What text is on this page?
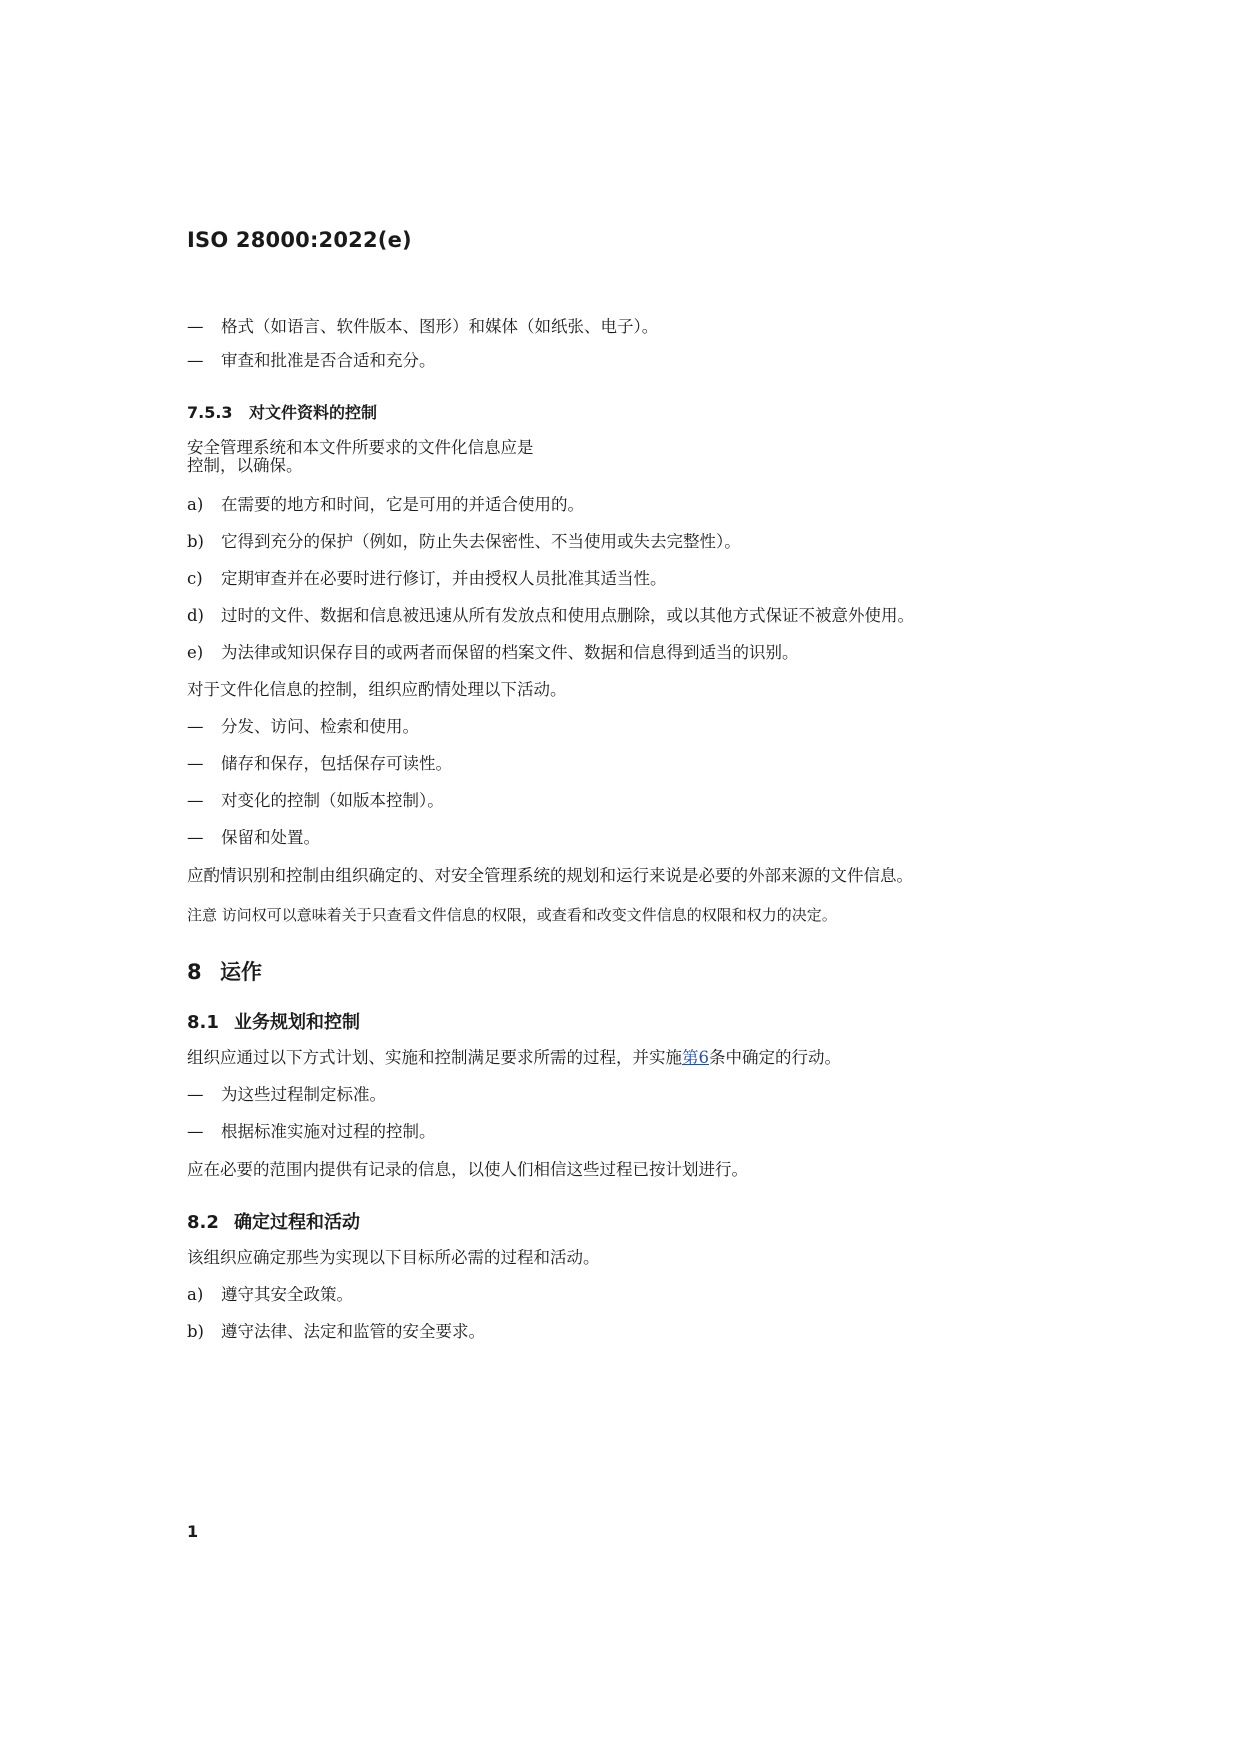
ISO 28000:2022(e)
— 格式（如语言、软件版本、图形）和媒体（如纸张、电子）。
— 审查和批准是否合适和充分。
7.5.3 对文件资料的控制
安全管理系统和本文件所要求的文件化信息应是
控制，以确保。
a) 在需要的地方和时间，它是可用的并适合使用的。
b) 它得到充分的保护（例如，防止失去保密性、不当使用或失去完整性）。
c) 定期审查并在必要时进行修订，并由授权人员批准其适当性。
d) 过时的文件、数据和信息被迅速从所有发放点和使用点删除，或以其他方式保证不被意外使用。
e) 为法律或知识保存目的或两者而保留的档案文件、数据和信息得到适当的识别。
对于文件化信息的控制，组织应酌情处理以下活动。
— 分发、访问、检索和使用。
— 储存和保存，包括保存可读性。
— 对变化的控制（如版本控制）。
— 保留和处置。
应酌情识别和控制由组织确定的、对安全管理系统的规划和运行来说是必要的外部来源的文件信息。
注意 访问权可以意味着关于只查看文件信息的权限，或查看和改变文件信息的权限和权力的决定。
8 运作
8.1 业务规划和控制
组织应通过以下方式计划、实施和控制满足要求所需的过程，并实施第6条中确定的行动。
— 为这些过程制定标准。
— 根据标准实施对过程的控制。
应在必要的范围内提供有记录的信息，以使人们相信这些过程已按计划进行。
8.2 确定过程和活动
该组织应确定那些为实现以下目标所必需的过程和活动。
a) 遵守其安全政策。
b) 遵守法律、法定和监管的安全要求。
1
